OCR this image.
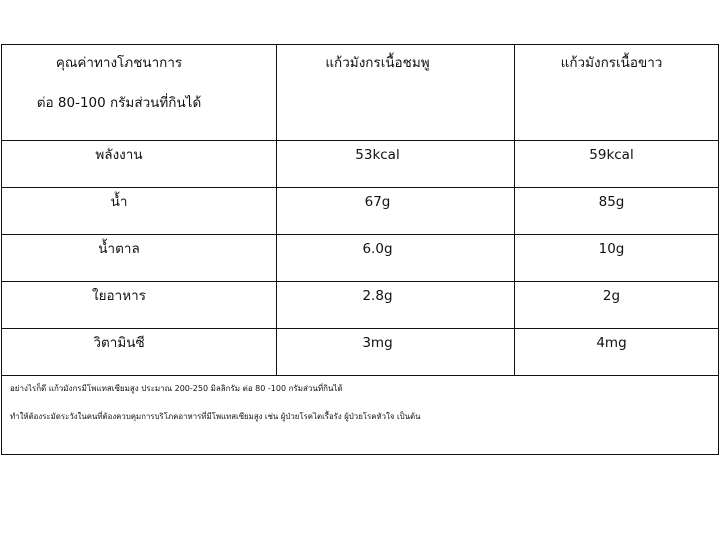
คุณค่าทางโภชนาการ
ต่อ 80-100 กรัมส่วนที่กินได้	แก้วมังกรเนื้อชมพู	แก้วมังกรเนื้อขาว

พลังงาน	53kcal	59kcal

น้ำ	67g	85g

น้ำตาล	6.0g	10g

ใยอาหาร	2.8g	2g

วิตามินซี	3mg	4mg

อย่างไรก็ดี แก้วมังกรมีโพแทสเซียมสูง ประมาณ 200-250 มิลลิกรัม ต่อ 80 -100 กรัมส่วนที่กินได้
ทำให้ต้องระมัดระวังในคนที่ต้องควบคุมการบริโภคอาหารที่มีโพแทสเซียมสูง เช่น ผู้ป่วยโรคไตเรื้อรัง ผู้ป่วยโรคหัวใจ เป็นต้น		
